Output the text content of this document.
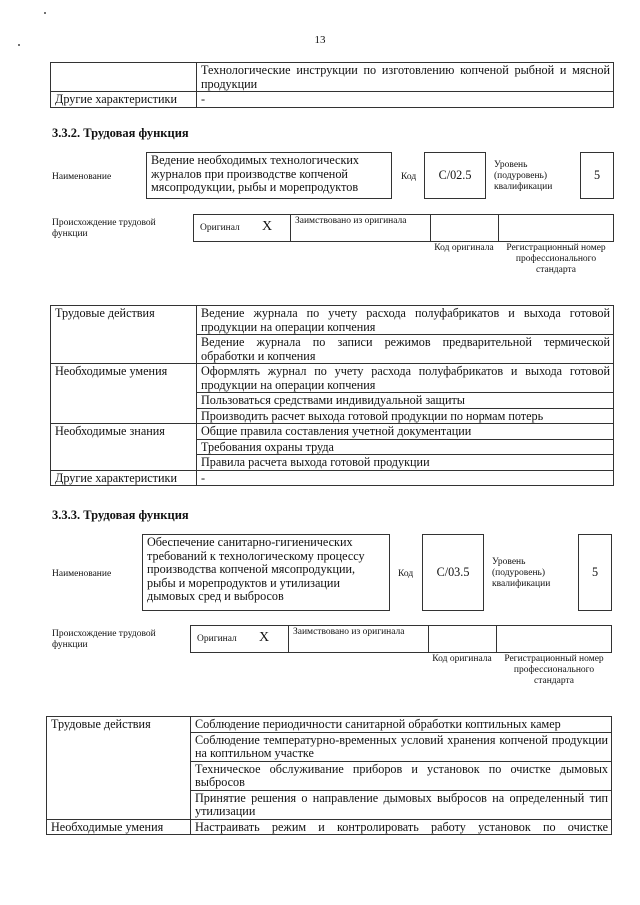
13
	Технологические инструкции по изготовлению копченой рыбной и мясной продукции
Другие характеристики	-
3.3.2. Трудовая функция
Наименование
Ведение необходимых технологических журналов при производстве копченой мясопродукции, рыбы и морепродуктов
Код	С/02.5
Уровень (подуровень) квалификации
5
Происхождение трудовой функции
Оригинал X Заимствовано из оригинала
Код оригинала	Регистрационный номер профессионального стандарта
Трудовые действия	Ведение журнала по учету расхода полуфабрикатов и выхода готовой продукции на операции копчения
	Ведение журнала по записи режимов предварительной термической обработки и копчения
Необходимые умения	Оформлять журнал по учету расхода полуфабрикатов и выхода готовой продукции на операции копчения
	Пользоваться средствами индивидуальной защиты
	Производить расчет выхода готовой продукции по нормам потерь
Необходимые знания	Общие правила составления учетной документации
	Требования охраны труда
	Правила расчета выхода готовой продукции
Другие характеристики	-
3.3.3. Трудовая функция
Наименование
Обеспечение санитарно-гигиенических требований к технологическому процессу производства копченой мясопродукции, рыбы и морепродуктов и утилизации дымовых сред и выбросов
Код	С/03.5
Уровень (подуровень) квалификации
5
Происхождение трудовой функции
Оригинал X	Заимствовано из оригинала
Код оригинала	Регистрационный номер профессионального стандарта
Трудовые действия	Соблюдение периодичности санитарной обработки коптильных камер
	Соблюдение температурно-временных условий хранения копченой продукции на коптильном участке
	Техническое обслуживание приборов и установок по очистке дымовых выбросов
	Принятие решения о направление дымовых выбросов на определенный тип утилизации
Необходимые умения	Настраивать режим и контролировать работу установок по очистке
